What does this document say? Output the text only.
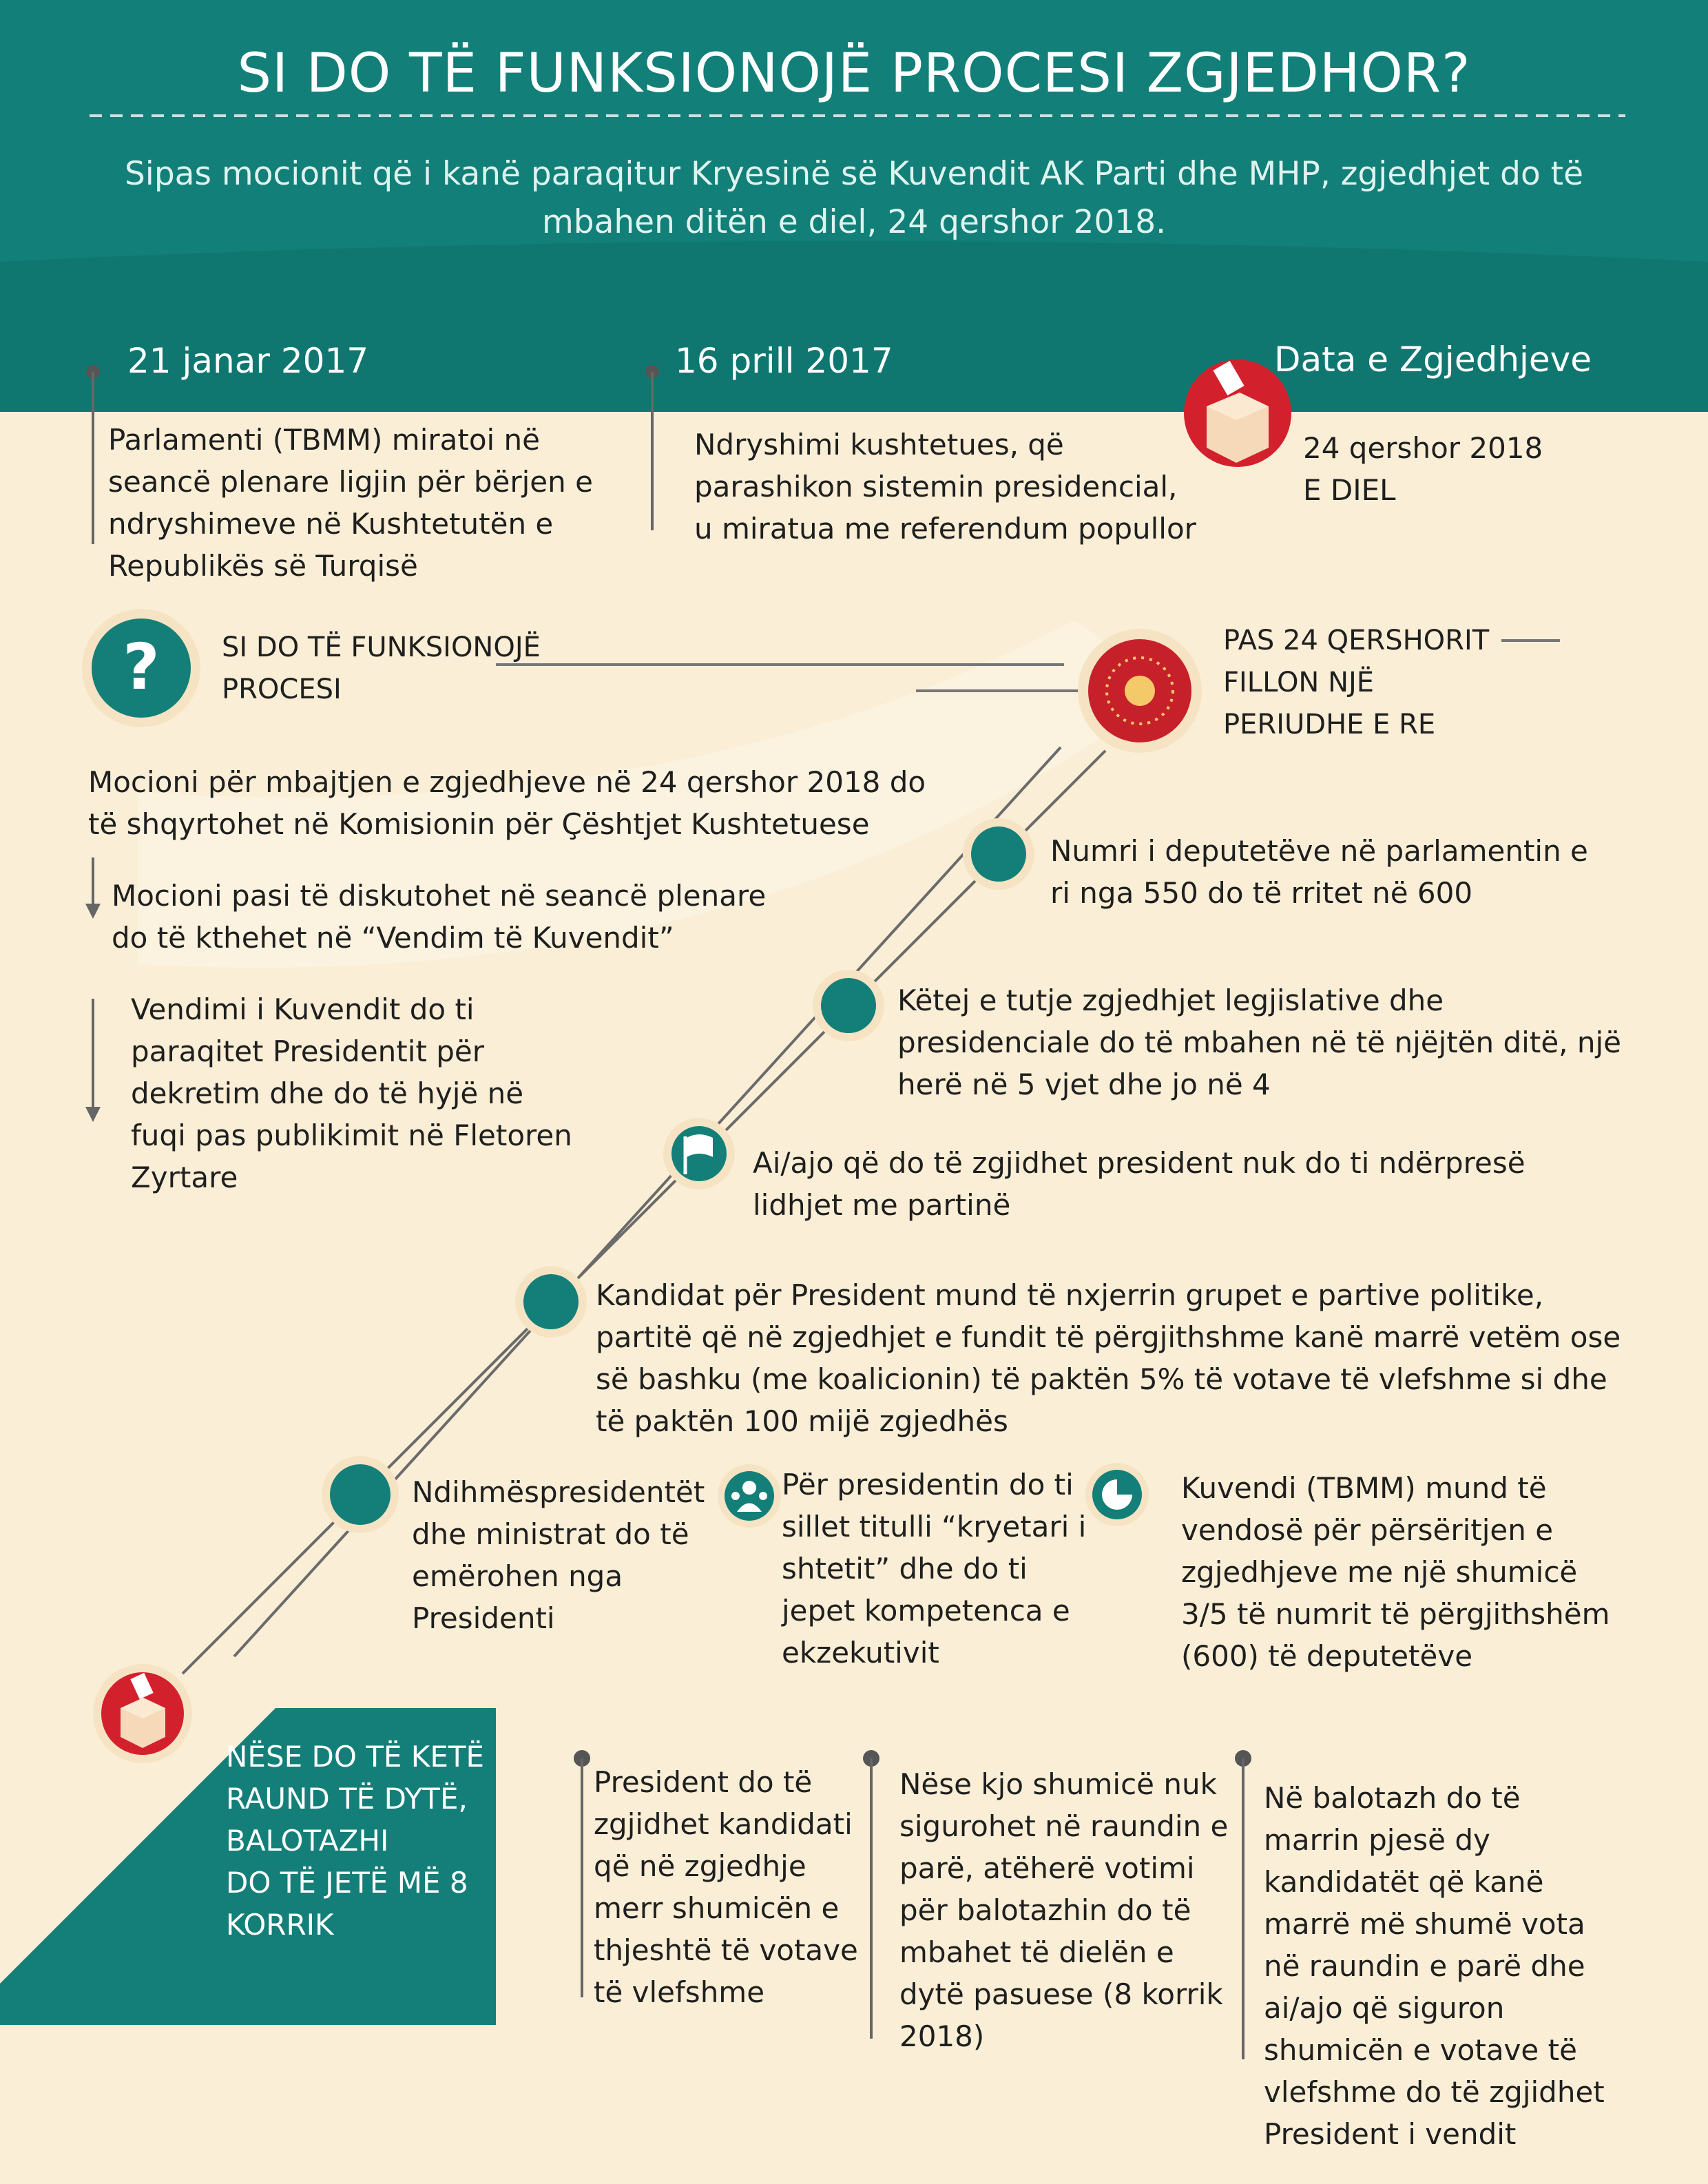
?
SI DO TË FUNKSIONOJË PROCESI ZGJEDHOR?
Sipas mocionit që i kanë paraqitur Kryesinë së Kuvendit AK Parti dhe MHP, zgjedhjet do të mbahen ditën e diel, 24 qershor 2018.
21 janar 2017
Parlamenti (TBMM) miratoi në seancë plenare ligjin për bërjen e ndryshimeve në Kushtetutën e Republikës së Turqisë
16 prill 2017
Ndryshimi kushtetues, që parashikon sistemin presidencial, u miratua me referendum popullor
Data e Zgjedhjeve
24 qershor 2018
E DIEL
SI DO TË FUNKSIONOJË
PROCESI
Mocioni për mbajtjen e zgjedhjeve në 24 qershor 2018 do të shqyrtohet në Komisionin për Çështjet Kushtetuese
Mocioni pasi të diskutohet në seancë plenare do të kthehet në “Vendim të Kuvendit”
Vendimi i Kuvendit do ti paraqitet Presidentit për dekretim dhe do të hyjë në fuqi pas publikimit në Fletoren Zyrtare
PAS 24 QERSHORIT
FILLON NJË
PERIUDHE E RE
Numri i deputetëve në parlamentin e ri nga 550 do të rritet në 600
Këtej e tutje zgjedhjet legjislative dhe presidenciale do të mbahen në të njëjtën ditë, një herë në 5 vjet dhe jo në 4
Ai/ajo që do të zgjidhet president nuk do ti ndërpresë lidhjet me partinë
Kandidat për President mund të nxjerrin grupet e partive politike, partitë që në zgjedhjet e fundit të përgjithshme kanë marrë vetëm ose së bashku (me koalicionin) të paktën 5% të votave të vlefshme si dhe të paktën 100 mijë zgjedhës
Ndihmëspresidentët dhe ministrat do të emërohen nga Presidenti
Për presidentin do ti sillet titulli “kryetari i shtetit” dhe do ti jepet kompetenca e ekzekutivit
Kuvendi (TBMM) mund të vendosë për përsëritjen e zgjedhjeve me një shumicë 3/5 të numrit të përgjithshëm (600) të deputetëve
NËSE DO TË KETË
RAUND TË DYTË,
BALOTAZHI
DO TË JETË MË 8
KORRIK
President do të zgjidhet kandidati që në zgjedhje merr shumicën e thjeshtë të votave të vlefshme
Nëse kjo shumicë nuk sigurohet në raundin e parë, atëherë votimi për balotazhin do të mbahet të dielën e dytë pasuese (8 korrik 2018)
Në balotazh do të marrin pjesë dy kandidatët që kanë marrë më shumë vota në raundin e parë dhe ai/ajo që siguron shumicën e votave të vlefshme do të zgjidhet President i vendit
